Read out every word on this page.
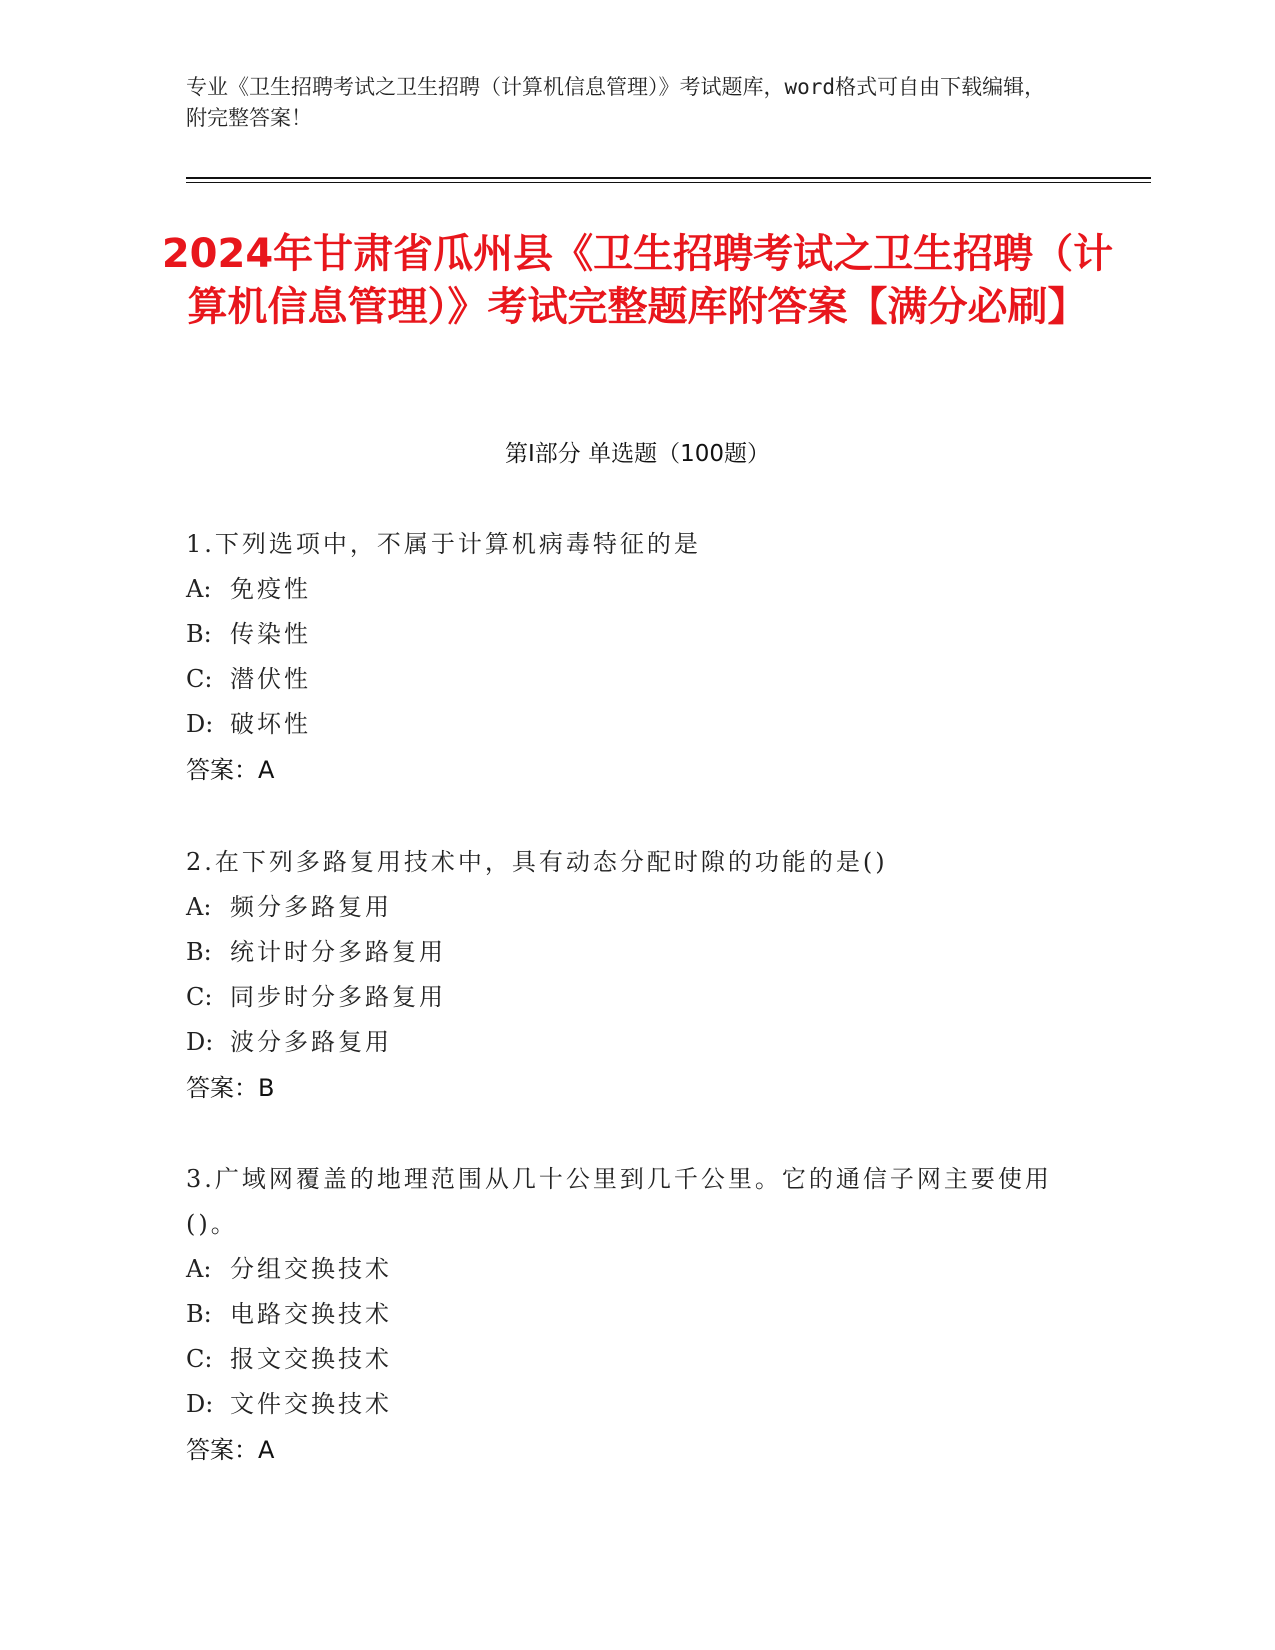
专业《卫生招聘考试之卫生招聘（计算机信息管理）》考试题库，word格式可自由下载编辑，附完整答案！
2024年甘肃省瓜州县《卫生招聘考试之卫生招聘（计算机信息管理）》考试完整题库附答案【满分必刷】
第I部分 单选题（100题）
1.下列选项中，不属于计算机病毒特征的是
A: 免疫性
B: 传染性
C: 潜伏性
D: 破坏性
答案：A
2.在下列多路复用技术中，具有动态分配时隙的功能的是()
A: 频分多路复用
B: 统计时分多路复用
C: 同步时分多路复用
D: 波分多路复用
答案：B
3.广域网覆盖的地理范围从几十公里到几千公里。它的通信子网主要使用()。
A: 分组交换技术
B: 电路交换技术
C: 报文交换技术
D: 文件交换技术
答案：A
